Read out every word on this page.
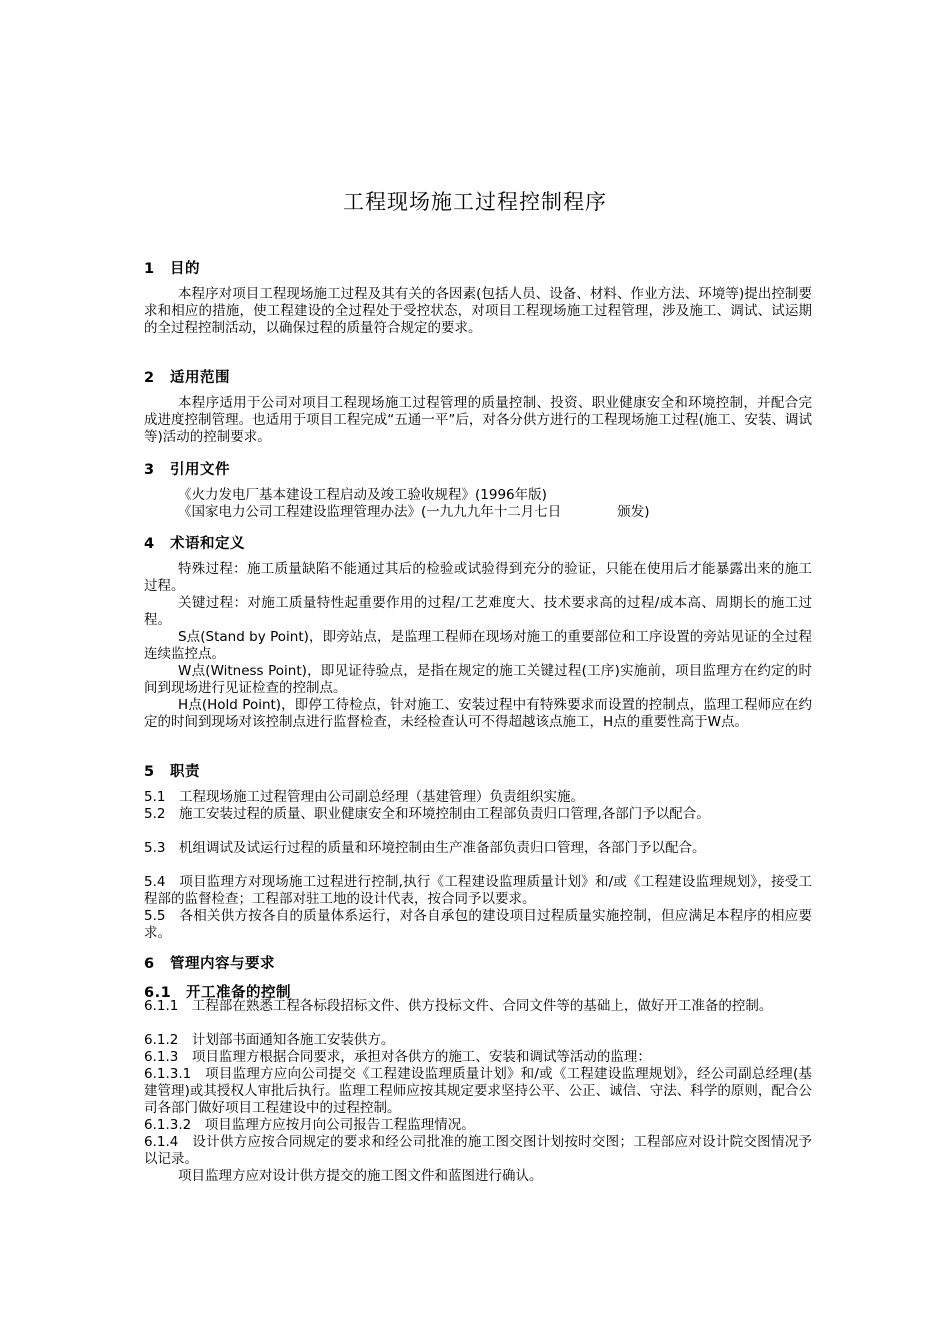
工程现场施工过程控制程序
1 目的
本程序对项目工程现场施工过程及其有关的各因素(包括人员、设备、材料、作业方法、环境等)提出控制要求和相应的措施，使工程建设的全过程处于受控状态，对项目工程现场施工过程管理，涉及施工、调试、试运期的全过程控制活动，以确保过程的质量符合规定的要求。
2 适用范围
本程序适用于公司对项目工程现场施工过程管理的质量控制、投资、职业健康安全和环境控制，并配合完成进度控制管理。也适用于项目工程完成“五通一平”后，对各分供方进行的工程现场施工过程(施工、安装、调试等)活动的控制要求。
3 引用文件
《火力发电厂基本建设工程启动及竣工验收规程》(1996年版)
《国家电力公司工程建设监理管理办法》(一九九九年十二月七日	颁发)
4 术语和定义
特殊过程：施工质量缺陷不能通过其后的检验或试验得到充分的验证，只能在使用后才能暴露出来的施工过程。
关键过程：对施工质量特性起重要作用的过程/工艺难度大、技术要求高的过程/成本高、周期长的施工过程。
S点(Stand by Point)，即旁站点，是监理工程师在现场对施工的重要部位和工序设置的旁站见证的全过程连续监控点。
W点(Witness Point)，即见证待验点，是指在规定的施工关键过程(工序)实施前，项目监理方在约定的时间到现场进行见证检查的控制点。
H点(Hold Point)，即停工待检点，针对施工、安装过程中有特殊要求而设置的控制点，监理工程师应在约定的时间到现场对该控制点进行监督检查，未经检查认可不得超越该点施工，H点的重要性高于W点。
5 职责
5.1　工程现场施工过程管理由公司副总经理（基建管理）负责组织实施。
5.2　施工安装过程的质量、职业健康安全和环境控制由工程部负责归口管理,各部门予以配合。
5.3　机组调试及试运行过程的质量和环境控制由生产准备部负责归口管理，各部门予以配合。
5.4　项目监理方对现场施工过程进行控制,执行《工程建设监理质量计划》和/或《工程建设监理规划》，接受工程部的监督检查；工程部对驻工地的设计代表，按合同予以要求。
5.5　各相关供方按各自的质量体系运行，对各自承包的建设项目过程质量实施控制，但应满足本程序的相应要求。
6 管理内容与要求
6.1 开工准备的控制
6.1.1　工程部在熟悉工程各标段招标文件、供方投标文件、合同文件等的基础上，做好开工准备的控制。
6.1.2　计划部书面通知各施工安装供方。
6.1.3　项目监理方根据合同要求，承担对各供方的施工、安装和调试等活动的监理：
6.1.3.1　项目监理方应向公司提交《工程建设监理质量计划》和/或《工程建设监理规划》，经公司副总经理(基建管理)或其授权人审批后执行。监理工程师应按其规定要求坚持公平、公正、诚信、守法、科学的原则，配合公司各部门做好项目工程建设中的过程控制。
6.1.3.2　项目监理方应按月向公司报告工程监理情况。
6.1.4　设计供方应按合同规定的要求和经公司批准的施工图交图计划按时交图；工程部应对设计院交图情况予以记录。
项目监理方应对设计供方提交的施工图文件和蓝图进行确认。
